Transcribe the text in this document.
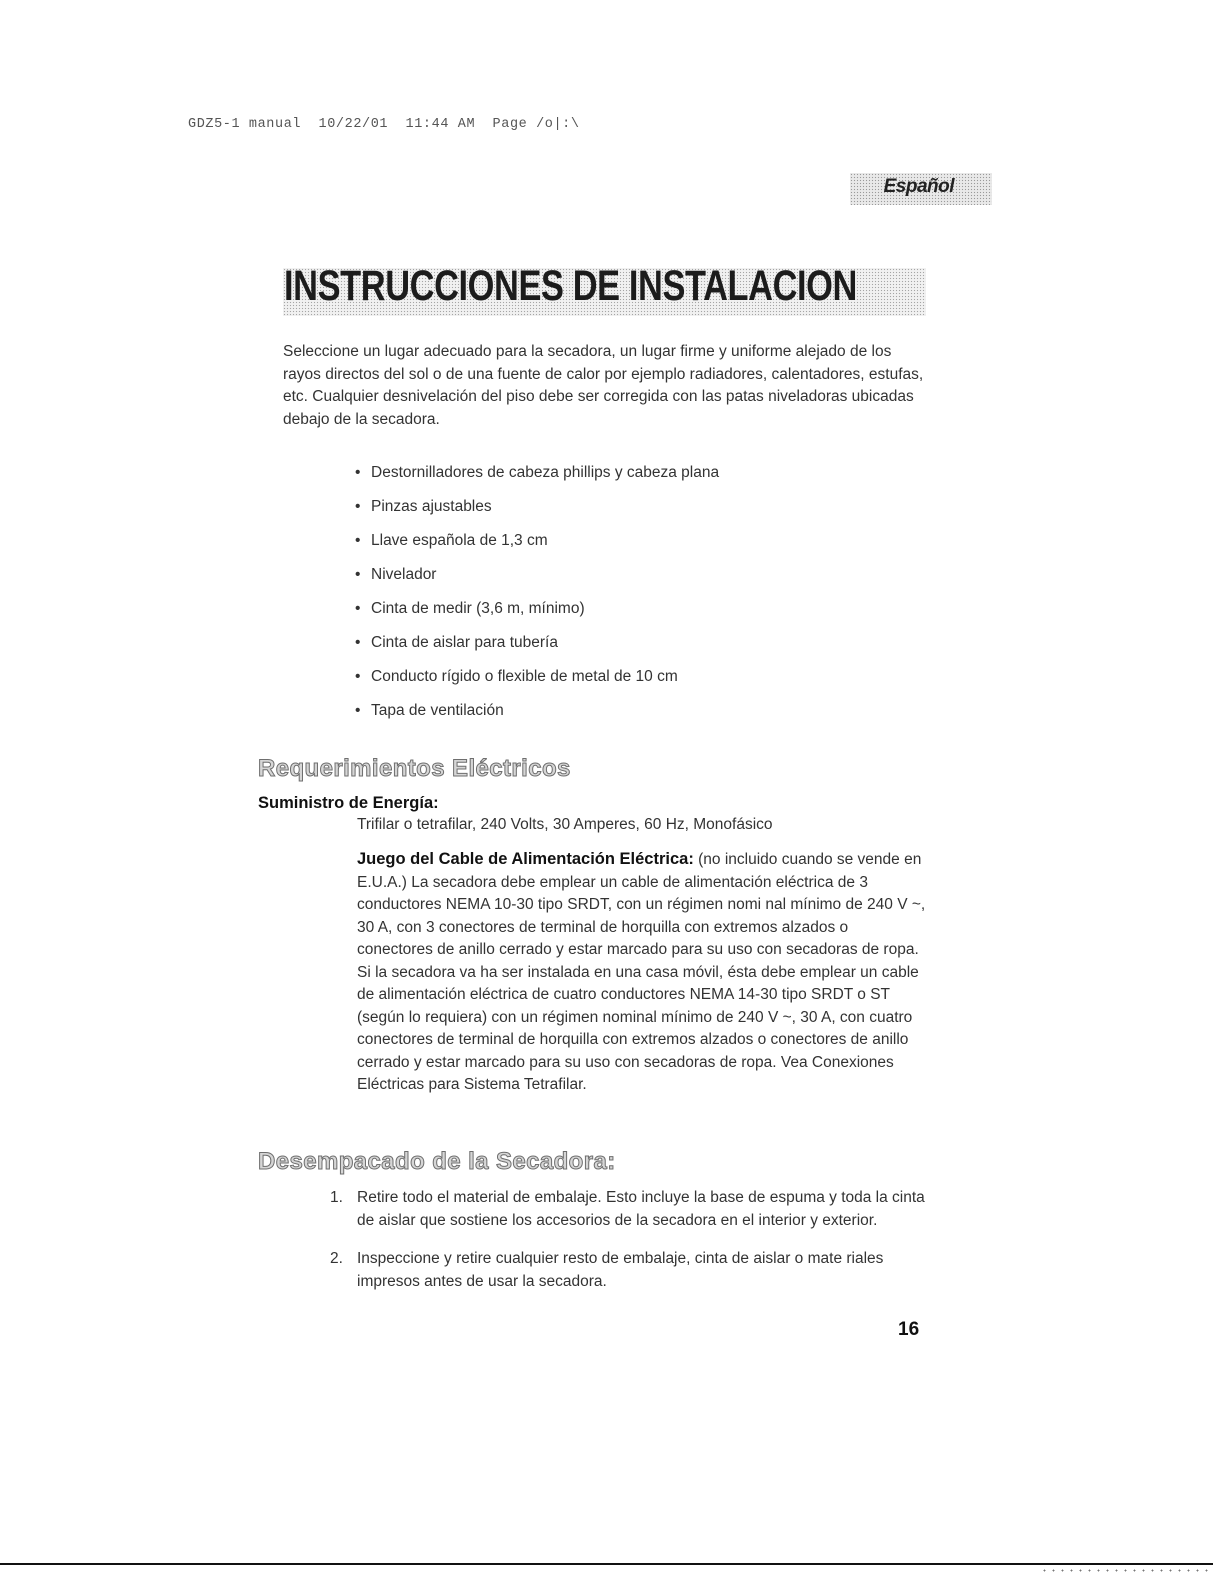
GDZ5-1 manual  10/22/01  11:44 AM  Page /o|:\
Español
INSTRUCCIONES DE INSTALACION

Seleccione un lugar adecuado para la secadora, un lugar firme y uniforme alejado de los rayos directos del sol o de una fuente de calor por ejemplo radiadores, calentadores, estufas, etc. Cualquier desnivelación del piso debe ser corregida con las patas niveladoras ubicadas debajo de la secadora.

• Destornilladores de cabeza phillips y cabeza plana
• Pinzas ajustables
• Llave española de 1,3 cm
• Nivelador
• Cinta de medir (3,6 m, mínimo)
• Cinta de aislar para tubería
• Conducto rígido o flexible de metal de 10 cm
• Tapa de ventilación
Requerimientos Eléctricos
Suministro de Energía:

Trifilar o tetrafilar, 240 Volts, 30 Amperes, 60 Hz, Monofásico

Juego del Cable de Alimentación Eléctrica: (no incluido cuando se vende en E.U.A.) La secadora debe emplear un cable de alimentación eléctrica de 3 conductores NEMA 10-30 tipo SRDT, con un régimen nomi nal mínimo de 240 V ~, 30 A, con 3 conectores de terminal de horquilla con extremos alzados o conectores de anillo cerrado y estar marcado para su uso con secadoras de ropa. Si la secadora va ha ser instalada en una casa móvil, ésta debe emplear un cable de alimentación eléctrica de cuatro conductores NEMA 14-30 tipo SRDT o ST (según lo requiera) con un régimen nominal mínimo de 240 V ~, 30 A, con cuatro conectores de terminal de horquilla con extremos alzados o conectores de anillo cerrado y estar marcado para su uso con secadoras de ropa. Vea Conexiones Eléctricas para Sistema Tetrafilar.

Desempacado de la Secadora:
1. Retire todo el material de embalaje. Esto incluye la base de espuma y toda la cinta de aislar que sostiene los accesorios de la secadora en el interior y exterior.
2. Inspeccione y retire cualquier resto de embalaje, cinta de aislar o mate riales impresos antes de usar la secadora.
16
